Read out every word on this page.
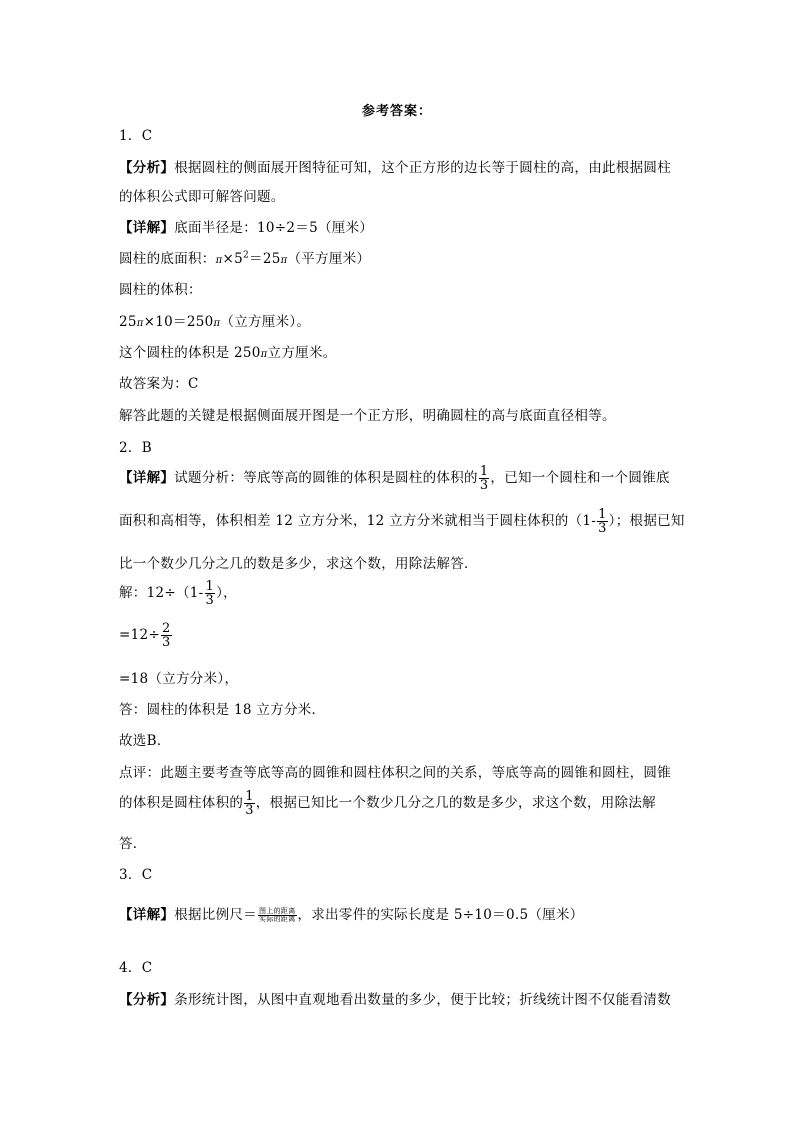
参考答案：
1．C
【分析】根据圆柱的侧面展开图特征可知，这个正方形的边长等于圆柱的高，由此根据圆柱
的体积公式即可解答问题。
【详解】底面半径是：10÷2＝5（厘米）
圆柱的底面积：$\pi\times 5^2=25\pi$（平方厘米）
圆柱的体积：
25π×10＝250π（立方厘米）。
这个圆柱的体积是 250π立方厘米。
故答案为：C
解答此题的关键是根据侧面展开图是一个正方形，明确圆柱的高与底面直径相等。
2．B
【详解】试题分析：等底等高的圆锥的体积是圆柱的体积的 $\frac{1}{3}$ ，已知一个圆柱和一个圆锥底
面积和高相等，体积相差 12 立方分米，12 立方分米就相当于圆柱体积的（$1- \frac{1}{3}$ ）；根据已知
比一个数少几分之几的数是多少，求这个数，用除法解答．
解：$12\div(1- \frac{1}{3}$ ），
$=12\div \frac{2}{3}$
=18（立方分米），
答：圆柱的体积是 18 立方分米．
故选B．
点评：此题主要考查等底等高的圆锥和圆柱体积之间的关系，等底等高的圆锥和圆柱，圆锥
的体积是圆柱体积的 $\frac{1}{3}$ ，根据已知比一个数少几分之几的数是多少，求这个数，用除法解
答．
3．C
【详解】根据比例尺＝ $\frac{\text{图上的距离}}{\text{实际的距离}}$ ，求出零件的实际长度是 5÷10＝0.5（厘米）
4．C
【分析】条形统计图，从图中直观地看出数量的多少，便于比较；折线统计图不仅能看清数
